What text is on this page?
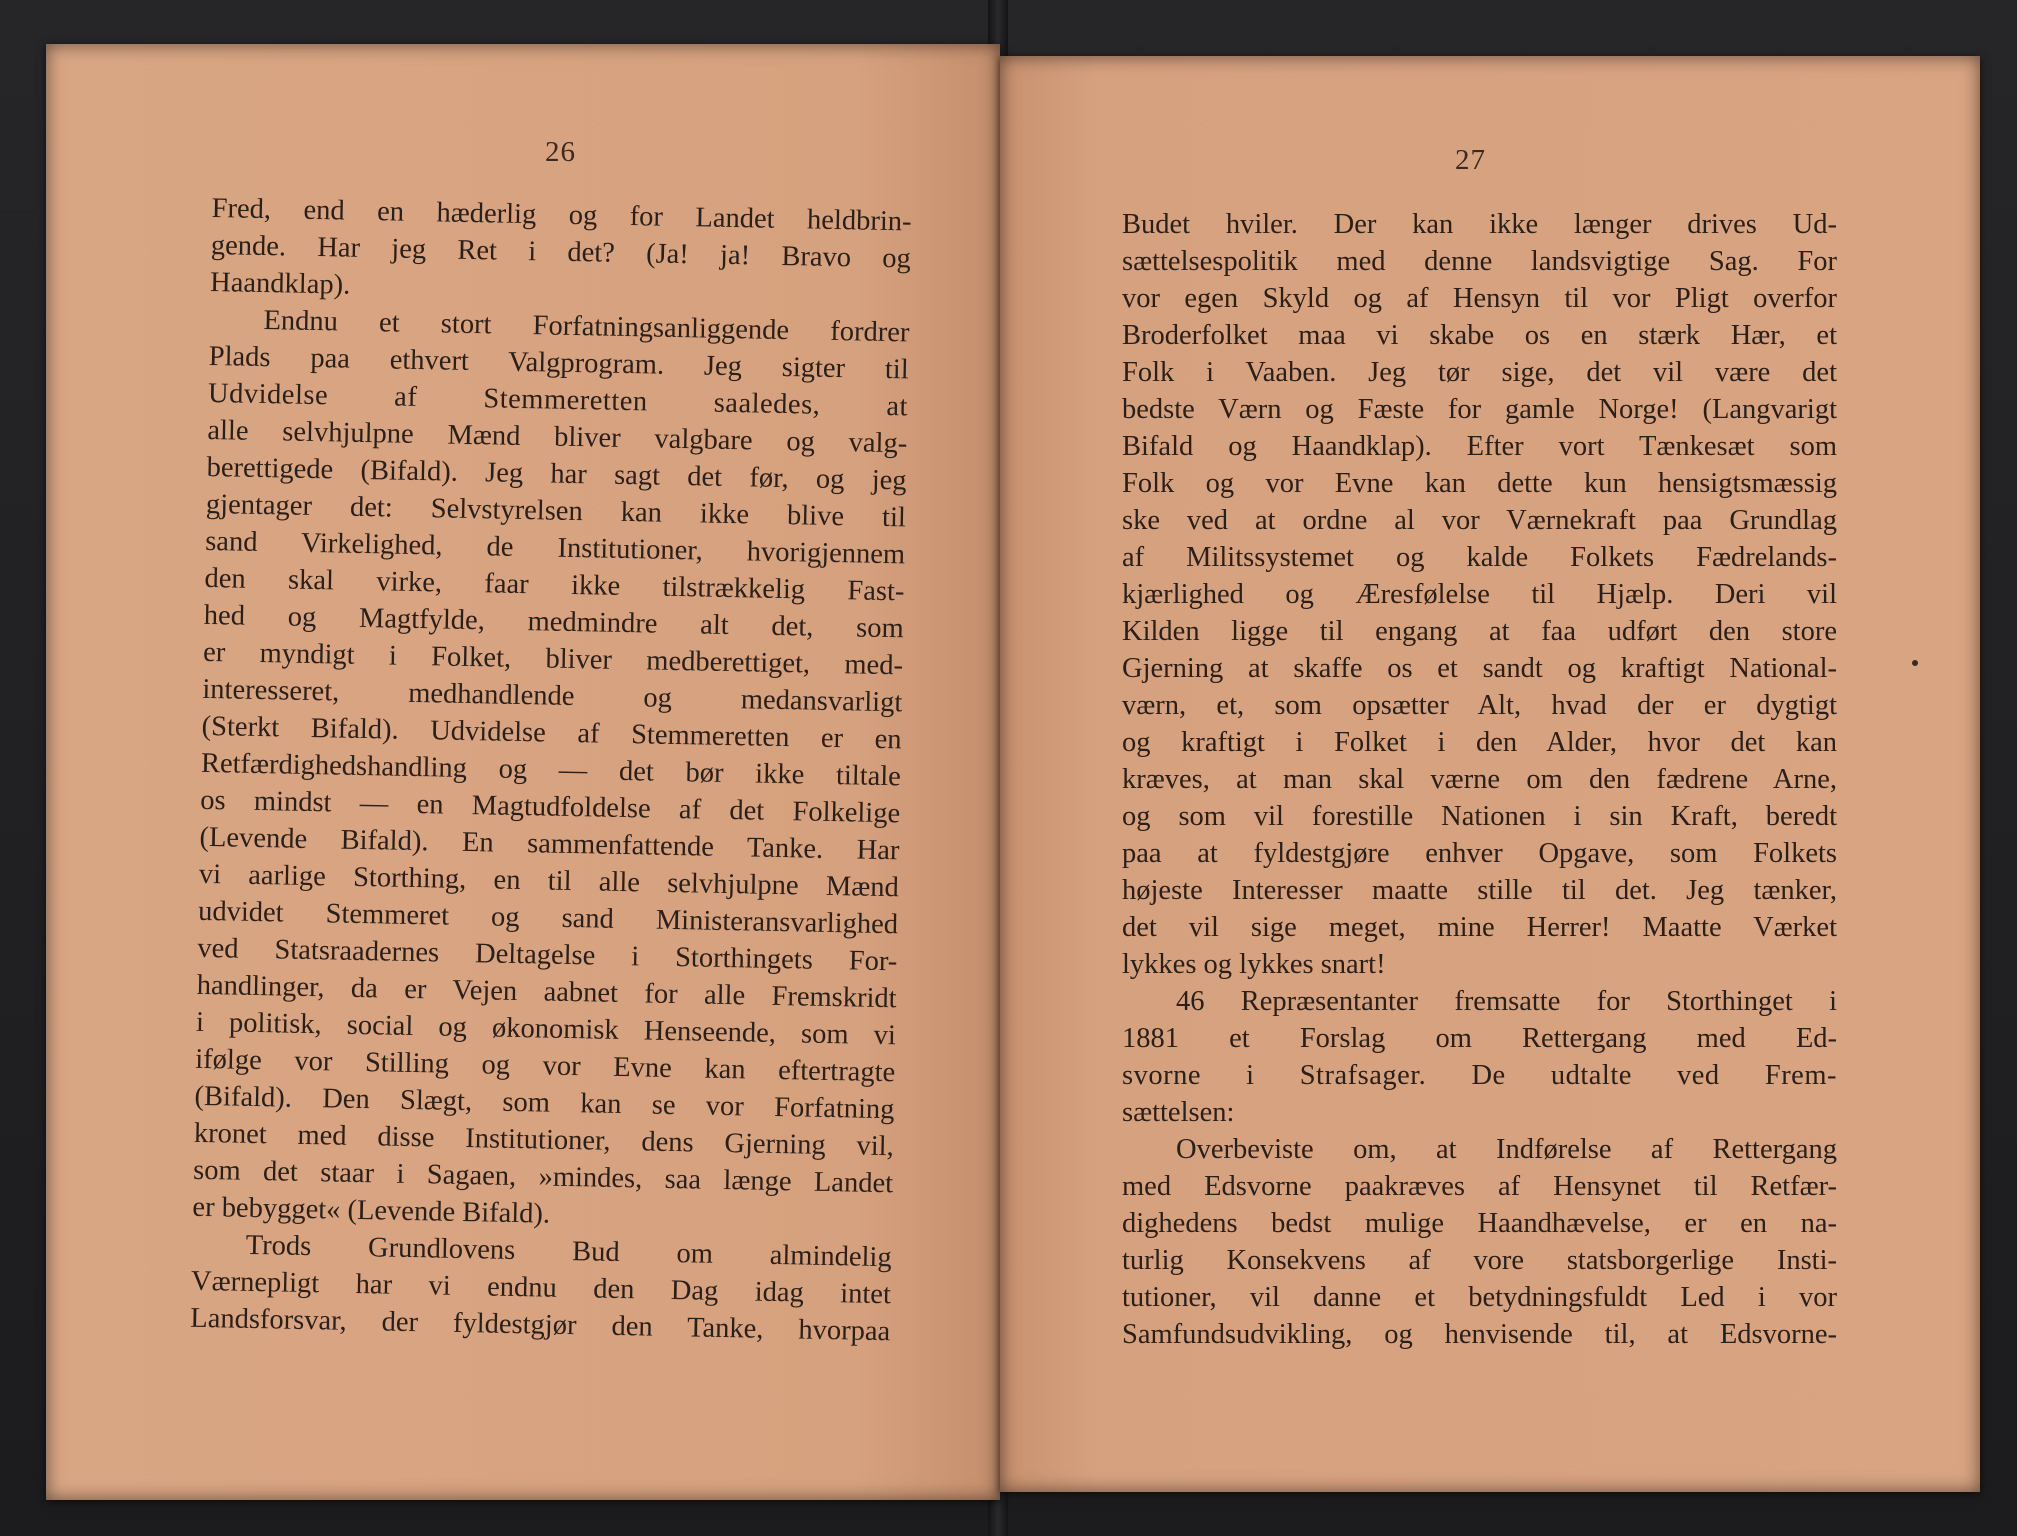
26	27
Fred, end en hæderlig og for Landet heldbrin-
gende. Har jeg Ret i det? (Ja! ja! Bravo og
Haandklap).
Endnu et stort Forfatningsanliggende fordrer
Plads paa ethvert Valgprogram. Jeg sigter til
Udvidelse af Stemmeretten saaledes, at
alle selvhjulpne Mænd bliver valgbare og valg-
berettigede (Bifald). Jeg har sagt det før, og jeg
gjentager det: Selvstyrelsen kan ikke blive til
sand Virkelighed, de Institutioner, hvorigjennem
den skal virke, faar ikke tilstrækkelig Fast-
hed og Magtfylde, medmindre alt det, som
er myndigt i Folket, bliver medberettiget, med-
interesseret, medhandlende og medansvarligt
(Sterkt Bifald). Udvidelse af Stemmeretten er en
Retfærdighedshandling og — det bør ikke tiltale
os mindst — en Magtudfoldelse af det Folkelige
(Levende Bifald). En sammenfattende Tanke. Har
vi aarlige Storthing, en til alle selvhjulpne Mænd
udvidet Stemmeret og sand Ministeransvarlighed
ved Statsraadernes Deltagelse i Storthingets For-
handlinger, da er Vejen aabnet for alle Fremskridt
i politisk, social og økonomisk Henseende, som vi
ifølge vor Stilling og vor Evne kan eftertragte
(Bifald). Den Slægt, som kan se vor Forfatning
kronet med disse Institutioner, dens Gjerning vil,
som det staar i Sagaen, »mindes, saa længe Landet
er bebygget« (Levende Bifald).
Trods Grundlovens Bud om almindelig
Værnepligt har vi endnu den Dag idag intet
Landsforsvar, der fyldestgjør den Tanke, hvorpaa
Budet hviler. Der kan ikke længer drives Ud-
sættelsespolitik med denne landsvigtige Sag. For
vor egen Skyld og af Hensyn til vor Pligt overfor
Broderfolket maa vi skabe os en stærk Hær, et
Folk i Vaaben. Jeg tør sige, det vil være det
bedste Værn og Fæste for gamle Norge! (Langvarigt
Bifald og Haandklap). Efter vort Tænkesæt som
Folk og vor Evne kan dette kun hensigtsmæssig
ske ved at ordne al vor Værnekraft paa Grundlag
af Militssystemet og kalde Folkets Fædrelands-
kjærlighed og Æresfølelse til Hjælp. Deri vil
Kilden ligge til engang at faa udført den store
Gjerning at skaffe os et sandt og kraftigt National-
værn, et, som opsætter Alt, hvad der er dygtigt
og kraftigt i Folket i den Alder, hvor det kan
kræves, at man skal værne om den fædrene Arne,
og som vil forestille Nationen i sin Kraft, beredt
paa at fyldestgjøre enhver Opgave, som Folkets
højeste Interesser maatte stille til det. Jeg tænker,
det vil sige meget, mine Herrer! Maatte Værket
lykkes og lykkes snart!
46 Repræsentanter fremsatte for Storthinget i
1881 et Forslag om Rettergang med Ed-
svorne i Strafsager. De udtalte ved Frem-
sættelsen:
Overbeviste om, at Indførelse af Rettergang
med Edsvorne paakræves af Hensynet til Retfær-
dighedens bedst mulige Haandhævelse, er en na-
turlig Konsekvens af vore statsborgerlige Insti-
tutioner, vil danne et betydningsfuldt Led i vor
Samfundsudvikling, og henvisende til, at Edsvorne-
